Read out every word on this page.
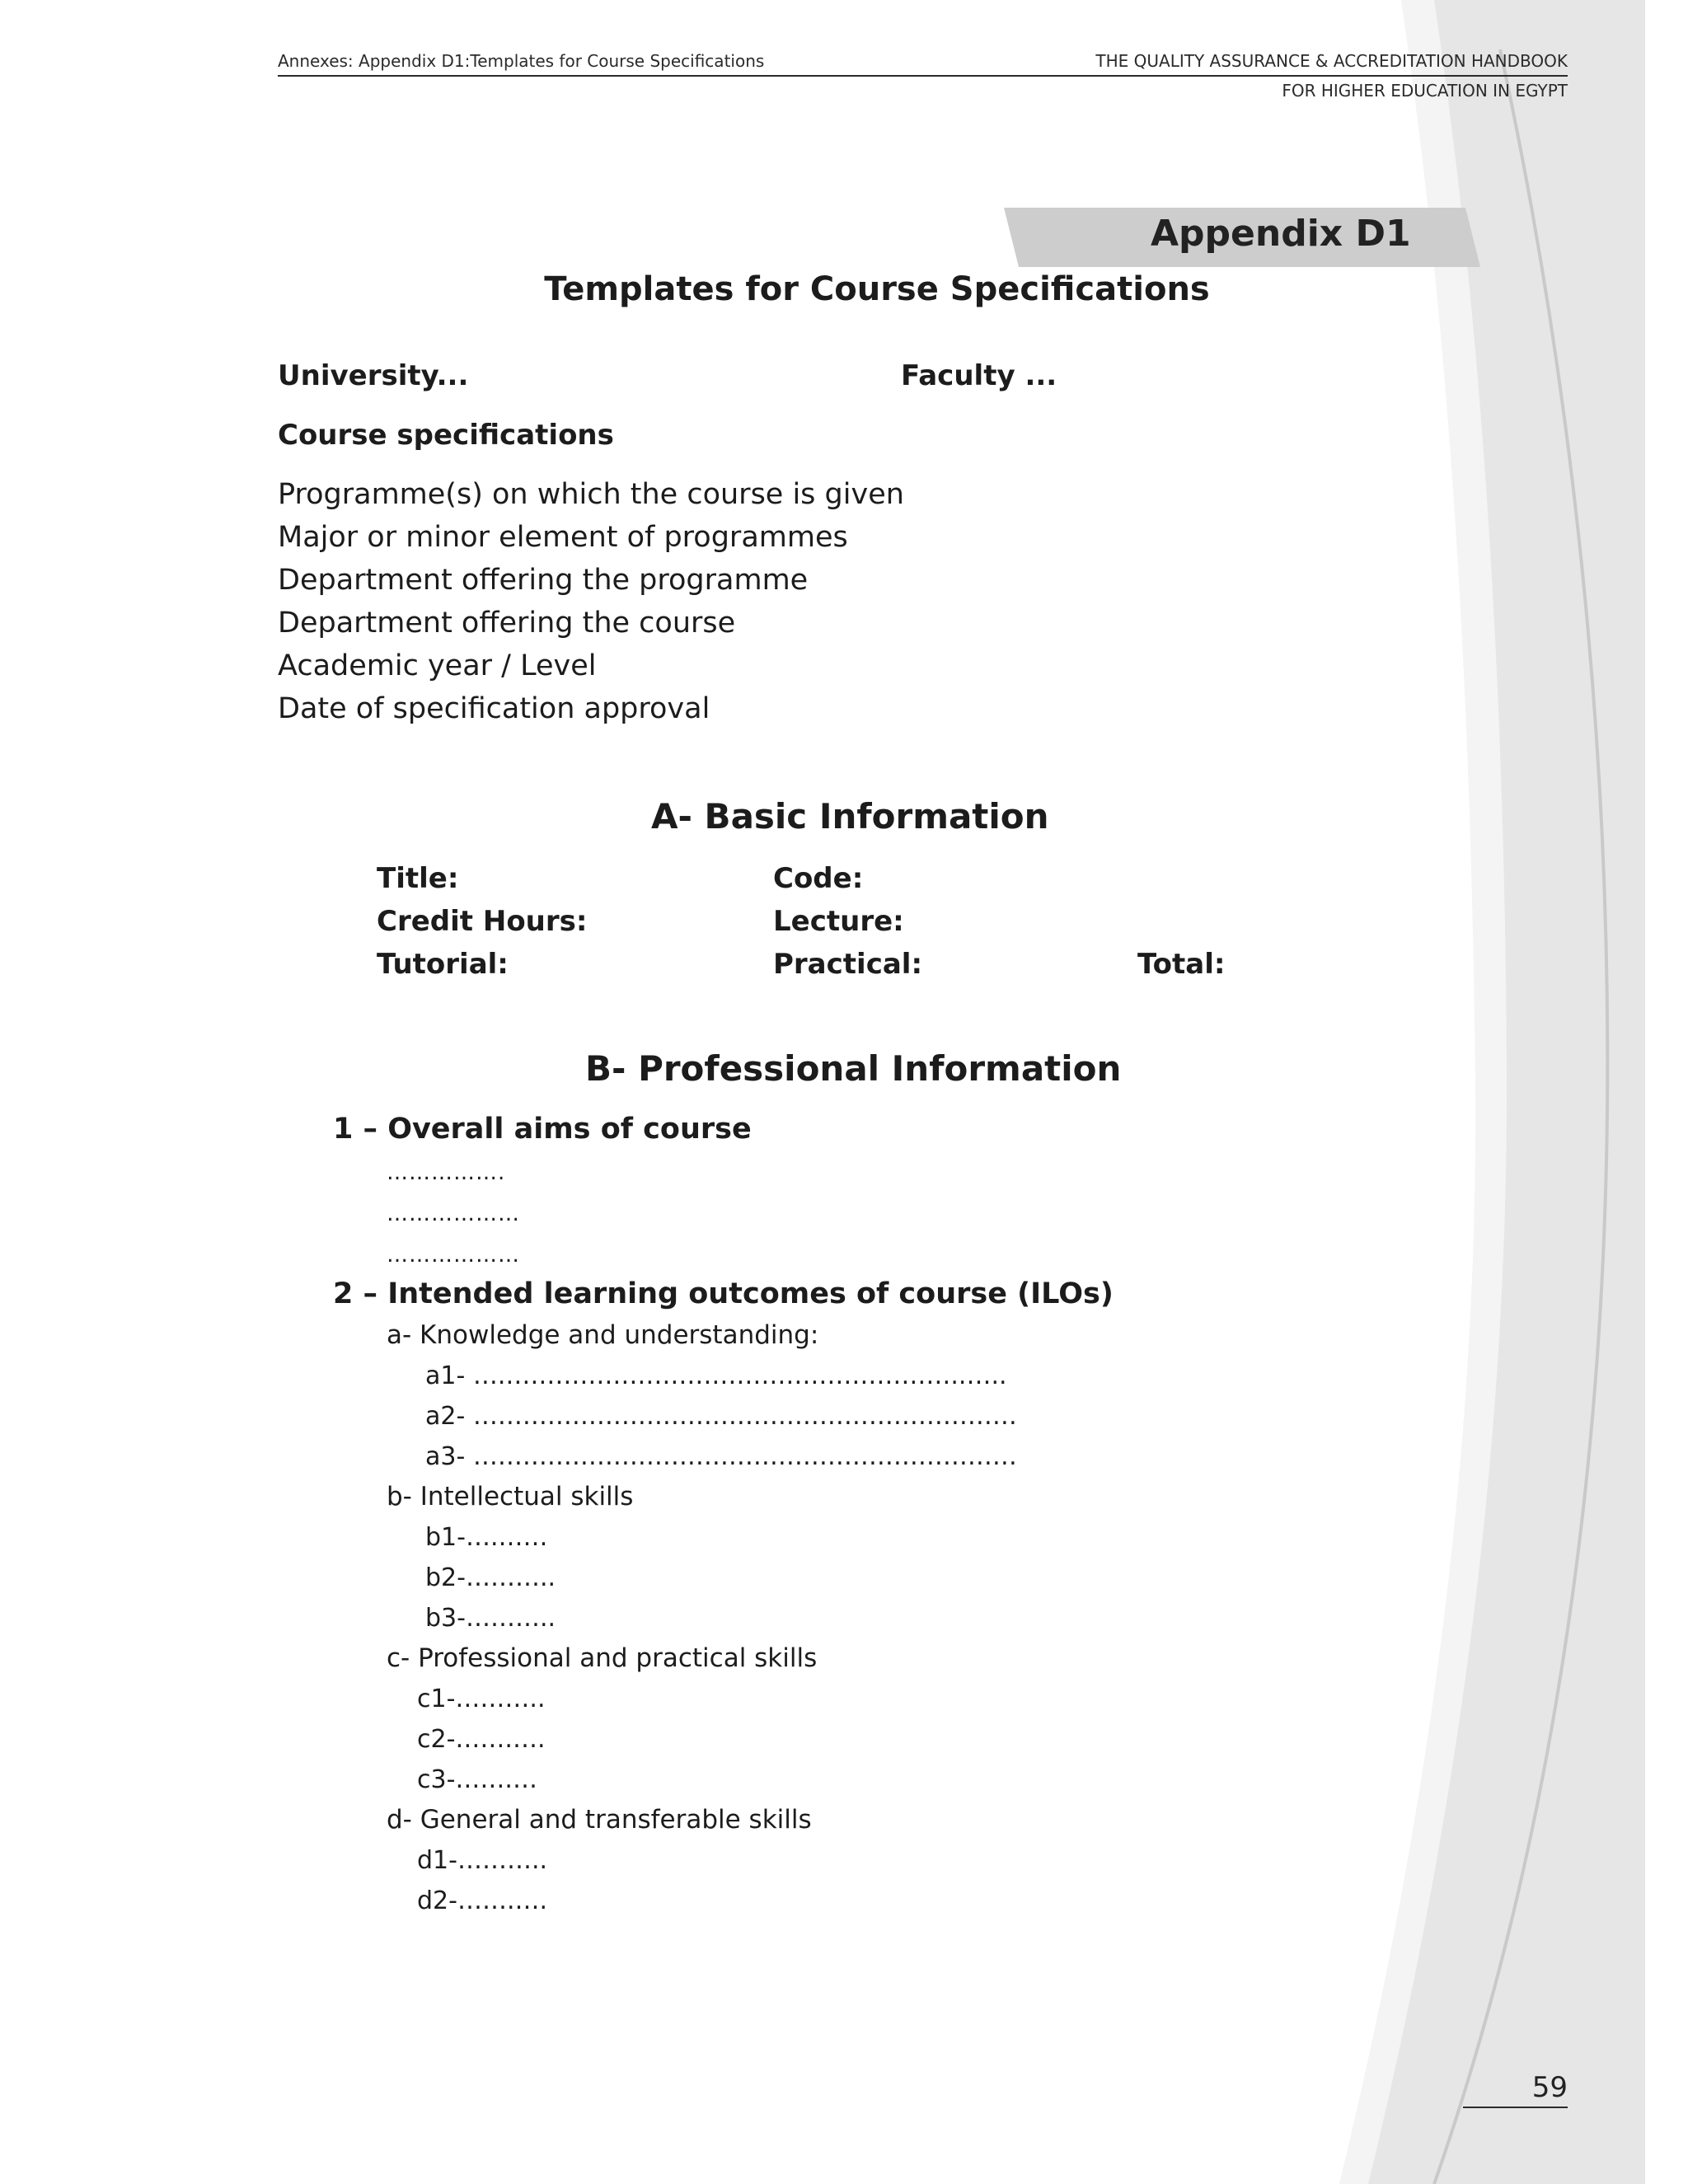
Annexes: Appendix D1:Templates for Course Specifications	THE QUALITY ASSURANCE & ACCREDITATION HANDBOOK
FOR HIGHER EDUCATION IN EGYPT
Appendix D1
Templates for Course Specifications
University...	Faculty ...
Course specifications
Programme(s) on which the course is given
Major or minor element of programmes
Department offering the programme
Department offering the course
Academic year / Level
Date of specification approval
A- Basic Information
Title:	Code:
Credit Hours:	Lecture:
Tutorial:	Practical:	Total:
B- Professional Information
1 – Overall aims of course
…………….
………………
………………
2 – Intended learning outcomes of course (ILOs)
a- Knowledge and understanding:
a1- ….………………………………………………..…..
a2- …………………………………………………………
a3- …………………………………………………………
b- Intellectual skills
b1-….……
b2-………..
b3-………..
c- Professional and practical skills
c1-………..
c2-…….….
c3-…….…
d- General and transferable skills
d1-………..
d2-…….….
59
